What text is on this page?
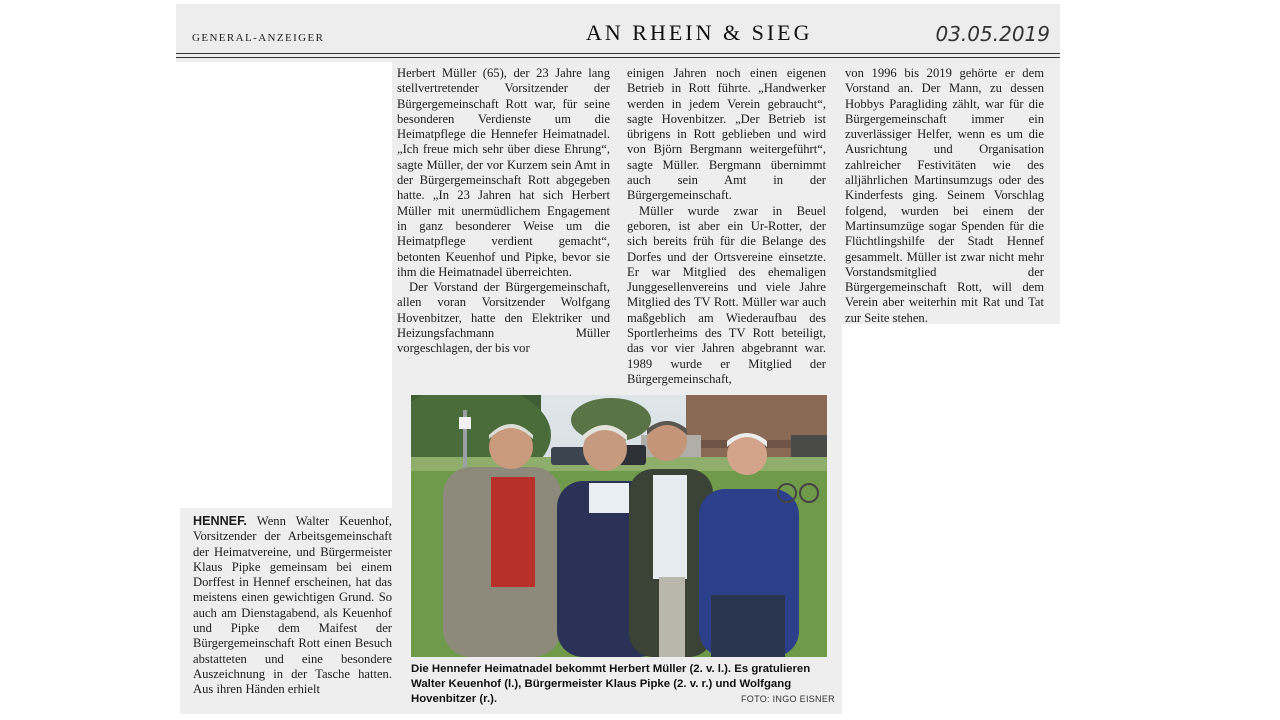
GENERAL-ANZEIGER	AN RHEIN & SIEG	03.05.2019

Herbert Müller (65), der 23 Jahre lang stellvertretender Vorsitzender der Bürgergemeinschaft Rott war, für seine besonderen Verdienste um die Heimatpflege die Hennefer Heimatnadel. „Ich freue mich sehr über diese Ehrung“, sagte Müller, der vor Kurzem sein Amt in der Bürgergemeinschaft Rott abgegeben hatte. „In 23 Jahren hat sich Herbert Müller mit unermüdlichem Engagement in ganz besonderer Weise um die Heimatpflege verdient gemacht“, betonten Keuenhof und Pipke, bevor sie ihm die Heimatnadel überreichten.

Der Vorstand der Bürgergemeinschaft, allen voran Vorsitzender Wolfgang Hovenbitzer, hatte den Elektriker und Heizungsfachmann Müller vorgeschlagen, der bis vor

einigen Jahren noch einen eigenen Betrieb in Rott führte. „Handwerker werden in jedem Verein gebraucht“, sagte Hovenbitzer. „Der Betrieb ist übrigens in Rott geblieben und wird von Björn Bergmann weitergeführt“, sagte Müller. Bergmann übernimmt auch sein Amt in der Bürgergemeinschaft.

Müller wurde zwar in Beuel geboren, ist aber ein Ur-Rotter, der sich bereits früh für die Belange des Dorfes und der Ortsvereine einsetzte. Er war Mitglied des ehemaligen Junggesellenvereins und viele Jahre Mitglied des TV Rott. Müller war auch maßgeblich am Wiederaufbau des Sportlerheims des TV Rott beteiligt, das vor vier Jahren abgebrannt war. 1989 wurde er Mitglied der Bürgergemeinschaft,

von 1996 bis 2019 gehörte er dem Vorstand an. Der Mann, zu dessen Hobbys Paragliding zählt, war für die Bürgergemeinschaft immer ein zuverlässiger Helfer, wenn es um die Ausrichtung und Organisation zahlreicher Festivitäten wie des alljährlichen Martinsumzugs oder des Kinderfests ging. Seinem Vorschlag folgend, wurden bei einem der Martinsumzüge sogar Spenden für die Flüchtlingshilfe der Stadt Hennef gesammelt. Müller ist zwar nicht mehr Vorstandsmitglied der Bürgergemeinschaft Rott, will dem Verein aber weiterhin mit Rat und Tat zur Seite stehen.

HENNEF. Wenn Walter Keuenhof, Vorsitzender der Arbeitsgemeinschaft der Heimatvereine, und Bürgermeister Klaus Pipke gemeinsam bei einem Dorffest in Hennef erscheinen, hat das meistens einen gewichtigen Grund. So auch am Dienstagabend, als Keuenhof und Pipke dem Maifest der Bürgergemeinschaft Rott einen Besuch abstatteten und eine besondere Auszeichnung in der Tasche hatten. Aus ihren Händen erhielt

Die Hennefer Heimatnadel bekommt Herbert Müller (2. v. l.). Es gratulieren Walter Keuenhof (l.), Bürgermeister Klaus Pipke (2. v. r.) und Wolfgang Hovenbitzer (r.).	FOTO: INGO EISNER
